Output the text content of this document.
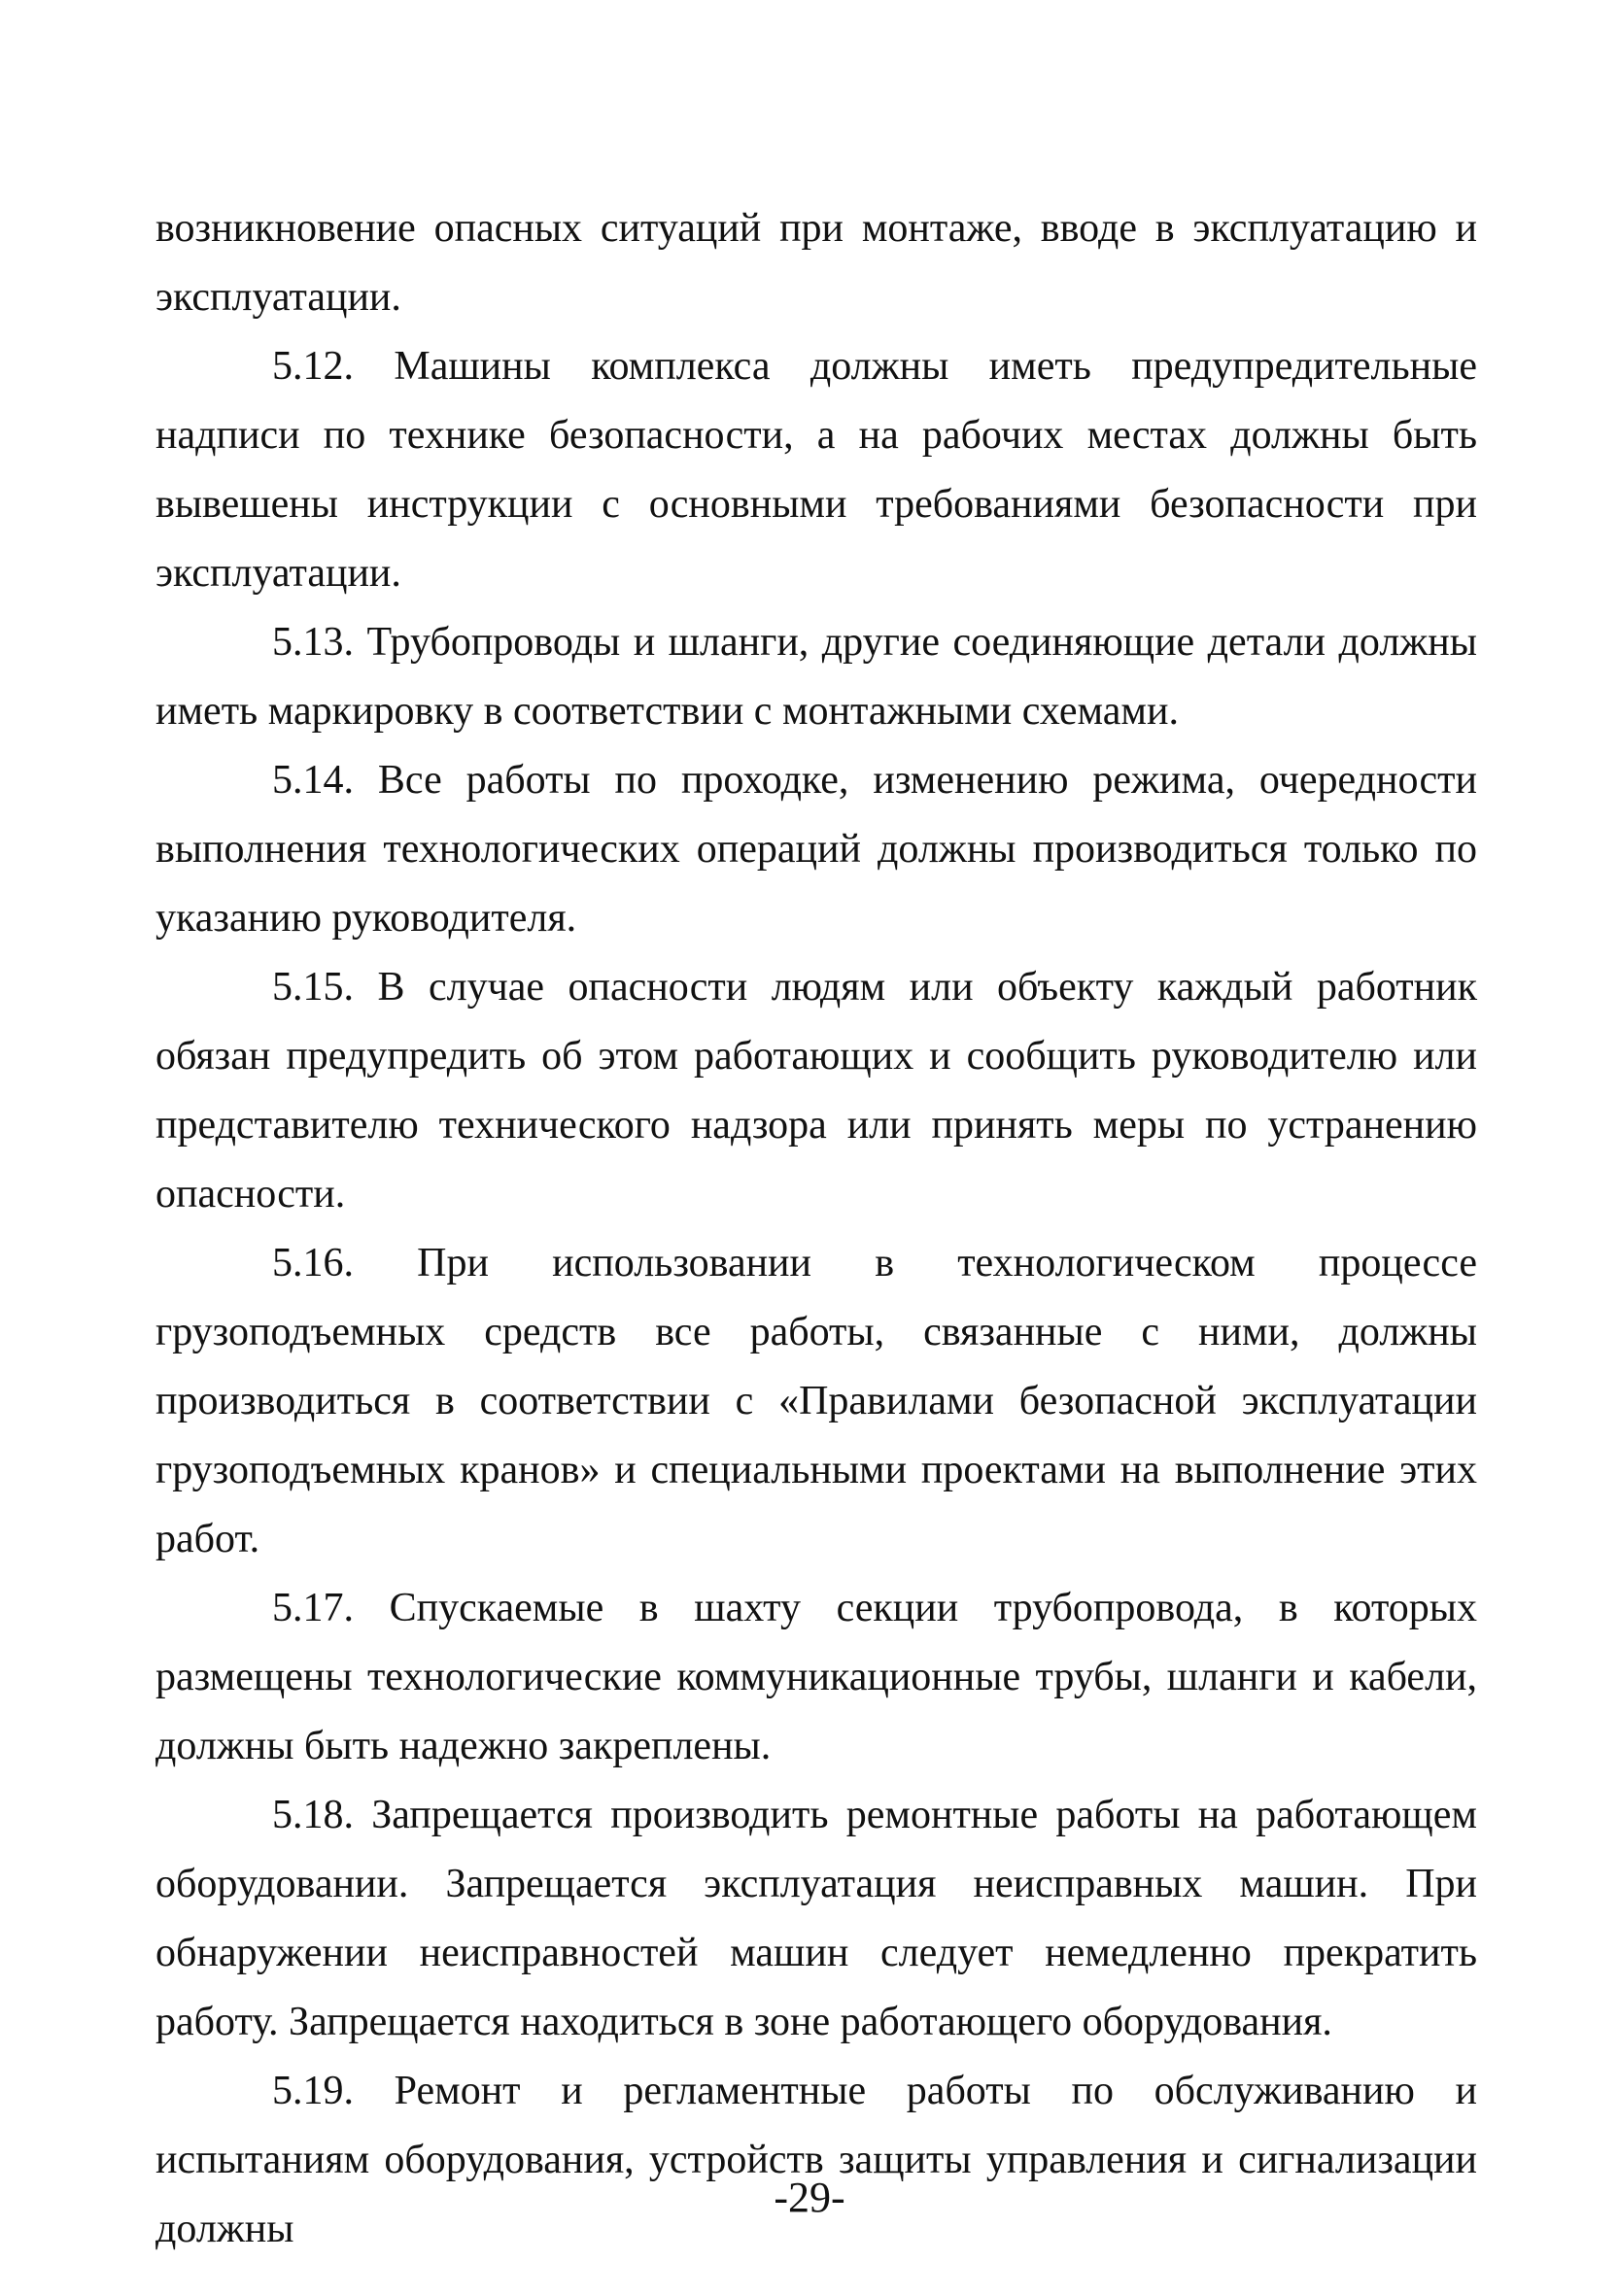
возникновение опасных ситуаций при монтаже, вводе в эксплуатацию и эксплуатации.

5.12. Машины комплекса должны иметь предупредительные надписи по технике безопасности, а на рабочих местах должны быть вывешены инструкции с основными требованиями безопасности при эксплуатации.

5.13. Трубопроводы и шланги, другие соединяющие детали должны иметь маркировку в соответствии с монтажными схемами.

5.14. Все работы по проходке, изменению режима, очередности выполнения технологических операций должны производиться только по указанию руководителя.

5.15. В случае опасности людям или объекту каждый работник обязан предупредить об этом работающих и сообщить руководителю или представителю технического надзора или принять меры по устранению опасности.

5.16. При использовании в технологическом процессе грузоподъемных средств все работы, связанные с ними, должны производиться в соответствии с «Правилами безопасной эксплуатации грузоподъемных кранов» и специальными проектами на выполнение этих работ.

5.17. Спускаемые в шахту секции трубопровода, в которых размещены технологические коммуникационные трубы, шланги и кабели, должны быть надежно закреплены.

5.18. Запрещается производить ремонтные работы на работающем оборудовании. Запрещается эксплуатация неисправных машин. При обнаружении неисправностей машин следует немедленно прекратить работу. Запрещается находиться в зоне работающего оборудования.

5.19. Ремонт и регламентные работы по обслуживанию и испытаниям оборудования, устройств защиты управления и сигнализации должны

-29-
